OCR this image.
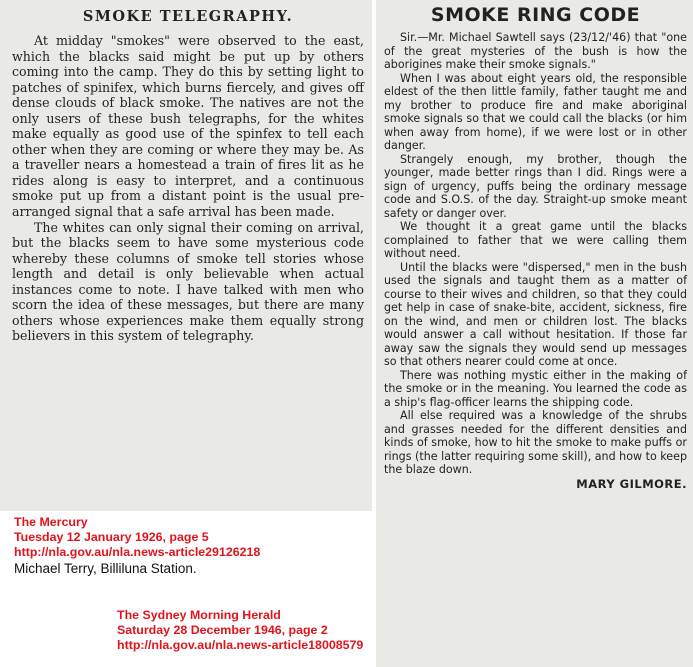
SMOKE TELEGRAPHY.

At midday "smokes" were observed to the east, which the blacks said might be put up by others coming into the camp. They do this by setting light to patches of spinifex, which burns fiercely, and gives off dense clouds of black smoke. The natives are not the only users of these bush telegraphs, for the whites make equally as good use of the spinfex to tell each other when they are coming or where they may be. As a traveller nears a homestead a train of fires lit as he rides along is easy to interpret, and a continuous smoke put up from a distant point is the usual pre-arranged signal that a safe arrival has been made.

The whites can only signal their coming on arrival, but the blacks seem to have some mysterious code whereby these columns of smoke tell stories whose length and detail is only believable when actual instances come to note. I have talked with men who scorn the idea of these messages, but there are many others whose experiences make them equally strong believers in this system of telegraphy.

SMOKE RING CODE

Sir.—Mr. Michael Sawtell says (23/12/'46) that "one of the great mysteries of the bush is how the aborigines make their smoke signals."

When I was about eight years old, the responsible eldest of the then little family, father taught me and my brother to produce fire and make aboriginal smoke signals so that we could call the blacks (or him when away from home), if we were lost or in other danger.

Strangely enough, my brother, though the younger, made better rings than I did. Rings were a sign of urgency, puffs being the ordinary message code and S.O.S. of the day. Straight-up smoke meant safety or danger over.

We thought it a great game until the blacks complained to father that we were calling them without need.

Until the blacks were "dispersed," men in the bush used the signals and taught them as a matter of course to their wives and children, so that they could get help in case of snake-bite, accident, sickness, fire on the wind, and men or children lost. The blacks would answer a call without hesitation. If those far away saw the signals they would send up messages so that others nearer could come at once.

There was nothing mystic either in the making of the smoke or in the meaning. You learned the code as a ship's flag-officer learns the shipping code.

All else required was a knowledge of the shrubs and grasses needed for the different densities and kinds of smoke, how to hit the smoke to make puffs or rings (the latter requiring some skill), and how to keep the blaze down.

MARY GILMORE.

The Mercury
Tuesday 12 January 1926, page 5
http://nla.gov.au/nla.news-article29126218
Michael Terry, Billiluna Station.
The Sydney Morning Herald
Saturday 28 December 1946, page 2
http://nla.gov.au/nla.news-article18008579
